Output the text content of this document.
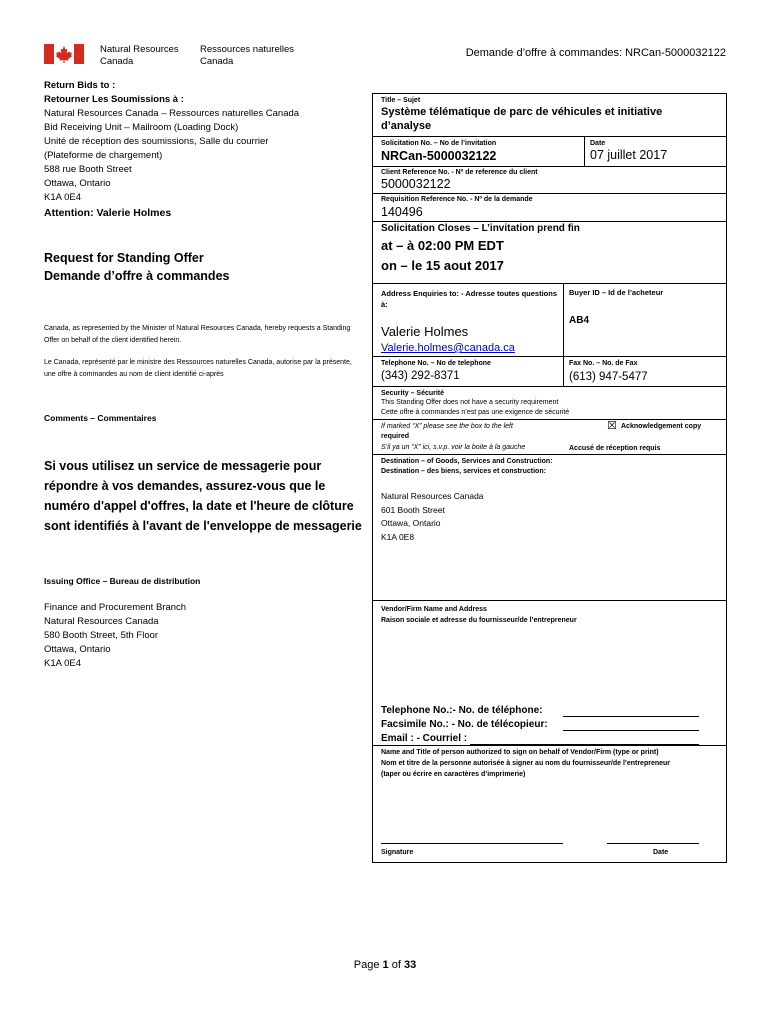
Natural Resources
Canada
Ressources naturelles
Canada
Demande d’offre à commandes: NRCan-5000032122
Return Bids to :
Retourner Les Soumissions à :
Natural Resources Canada – Ressources naturelles Canada
Bid Receiving Unit – Mailroom (Loading Dock)
Unité de réception des soumissions, Salle du courrier
(Plateforme de chargement)
588 rue Booth Street
Ottawa, Ontario
K1A 0E4
Attention: Valerie Holmes
Request for Standing Offer
Demande d’offre à commandes
Canada, as represented by the Minister of Natural Resources Canada, hereby requests a Standing Offer on behalf of the client identified herein.
Le Canada, représenté par le ministre des Ressources naturelles Canada, autorise par la présente, une offre à commandes au nom de client identifié ci-après
Comments – Commentaires
Si vous utilisez un service de messagerie pour répondre à vos demandes, assurez-vous que le numéro d'appel d'offres, la date et l'heure de clôture sont identifiés à l'avant de l'enveloppe de messagerie
Issuing Office – Bureau de distribution
Finance and Procurement Branch
Natural Resources Canada
580 Booth Street, 5th Floor
Ottawa, Ontario
K1A 0E4
Title – Sujet
Système télématique de parc de véhicules et initiative d’analyse
Solicitation No. – No de l’invitation
NRCan-5000032122
Date
07 juillet 2017
Client Reference No. - Nº de reference du client
5000032122
Requisition Reference No. - Nº de la demande
140496
Solicitation Closes – L’invitation prend fin
at – à 02:00 PM EDT
on – le 15 aout 2017
Address Enquiries to: - Adresse toutes questions à:
Buyer ID – Id de l’acheteur
AB4
Valerie Holmes
Valerie.holmes@canada.ca
Telephone No. – No de telephone
(343) 292-8371
Fax No. – No. de Fax
(613) 947-5477
Security – Sécurité
This Standing Offer does not have a security requirement
Cette offre à commandes n’est pas une exigence de sécurité
If marked “X” please see the box to the left
required
S’il ya un “X” ici, s.v.p. voir la boite à la gauche
☒ Acknowledgement copy
Accusé de réception requis
Destination – of Goods, Services and Construction:
Destination – des biens, services et construction:
Natural Resources Canada
601 Booth Street
Ottawa, Ontario
K1A 0E8
Vendor/Firm Name and Address
Raison sociale et adresse du fournisseur/de l’entrepreneur
Telephone No.:- No. de téléphone:
Facsimile No.: - No. de télécopieur:
Email : - Courriel :
Name and Title of person authorized to sign on behalf of Vendor/Firm (type or print)
Nom et titre de la personne autorisée à signer au nom du fournisseur/de l’entrepreneur
(taper ou écrire en caractères d’imprimerie)
Signature	Date
Page 1 of 33
